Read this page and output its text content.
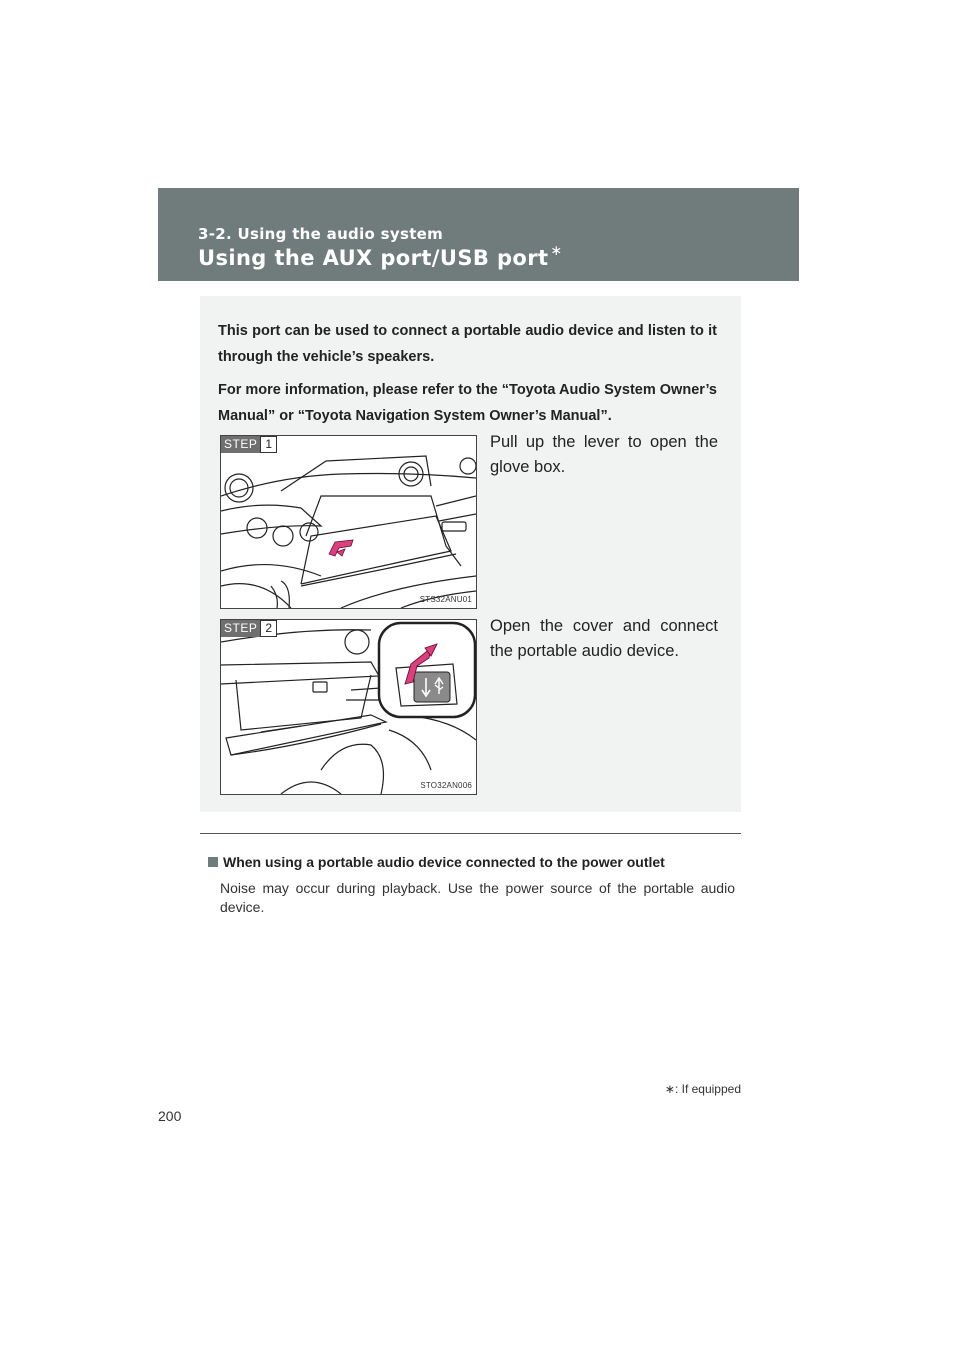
3-2. Using the audio system
Using the AUX port/USB port ∗

This port can be used to connect a portable audio device and listen to it through the vehicle’s speakers.

For more information, please refer to the “Toyota Audio System Owner’s Manual” or “Toyota Navigation System Owner’s Manual”.

STEP 1
STS32ANU01
Pull up the lever to open the glove box.
STEP 2
STO32AN006
Open the cover and connect the portable audio device.
When using a portable audio device connected to the power outlet
Noise may occur during playback. Use the power source of the portable audio device.
∗: If equipped
200
